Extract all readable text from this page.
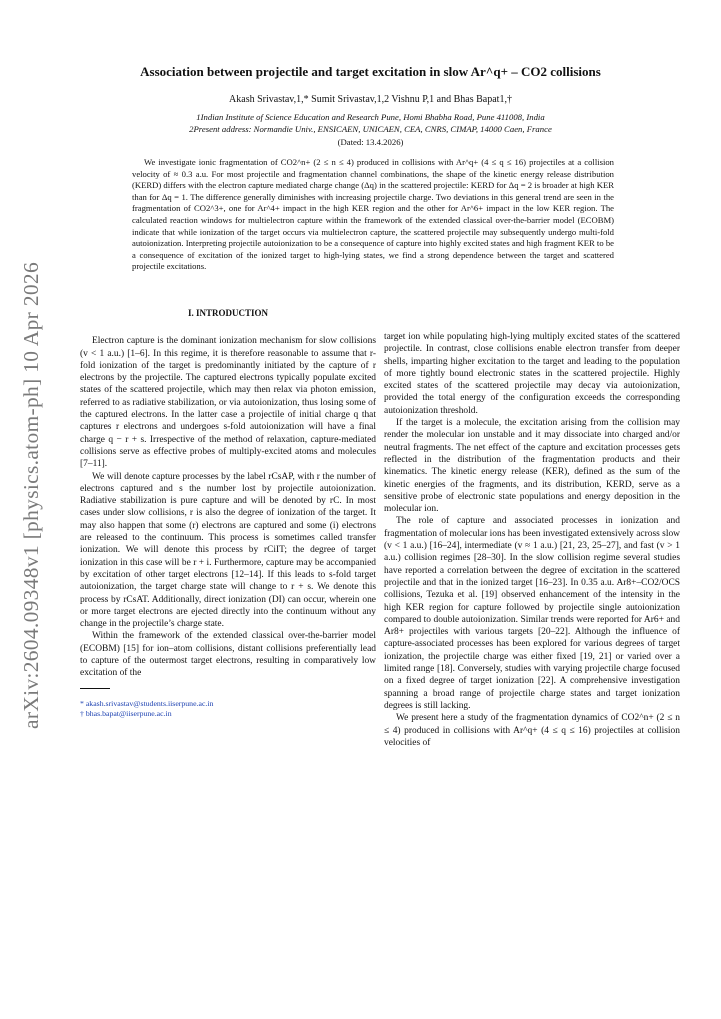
arXiv:2604.09348v1 [physics.atom-ph] 10 Apr 2026
Association between projectile and target excitation in slow Ar^q+ – CO2 collisions
Akash Srivastav,1,* Sumit Srivastav,1,2 Vishnu P,1 and Bhas Bapat1,†
1Indian Institute of Science Education and Research Pune, Homi Bhabha Road, Pune 411008, India
2Present address: Normandie Univ., ENSICAEN, UNICAEN, CEA, CNRS, CIMAP, 14000 Caen, France
(Dated: 13.4.2026)
We investigate ionic fragmentation of CO2^n+ (2 ≤ n ≤ 4) produced in collisions with Ar^q+ (4 ≤ q ≤ 16) projectiles at a collision velocity of ≈ 0.3 a.u. For most projectile and fragmentation channel combinations, the shape of the kinetic energy release distribution (KERD) differs with the electron capture mediated charge change (Δq) in the scattered projectile: KERD for Δq = 2 is broader at high KER than for Δq = 1. The difference generally diminishes with increasing projectile charge. Two deviations in this general trend are seen in the fragmentation of CO2^3+, one for Ar^4+ impact in the high KER region and the other for Ar^6+ impact in the low KER region. The calculated reaction windows for multielectron capture within the framework of the extended classical over-the-barrier model (ECOBM) indicate that while ionization of the target occurs via multielectron capture, the scattered projectile may subsequently undergo multi-fold autoionization. Interpreting projectile autoionization to be a consequence of capture into highly excited states and high fragment KER to be a consequence of excitation of the ionized target to high-lying states, we find a strong dependence between the target and scattered projectile excitations.

I. INTRODUCTION

Electron capture is the dominant ionization mechanism for slow collisions (v < 1 a.u.) [1–6]. In this regime, it is therefore reasonable to assume that r-fold ionization of the target is predominantly initiated by the capture of r electrons by the projectile. The captured electrons typically populate excited states of the scattered projectile, which may then relax via photon emission, referred to as radiative stabilization, or via autoionization, thus losing some of the captured electrons. In the latter case a projectile of initial charge q that captures r electrons and undergoes s-fold autoionization will have a final charge q − r + s. Irrespective of the method of relaxation, capture-mediated collisions serve as effective probes of multiply-excited atoms and molecules [7–11].

We will denote capture processes by the label rCsAP, with r the number of electrons captured and s the number lost by projectile autoionization. Radiative stabilization is pure capture and will be denoted by rC. In most cases under slow collisions, r is also the degree of ionization of the target. It may also happen that some (r) electrons are captured and some (i) electrons are released to the continuum. This process is sometimes called transfer ionization. We will denote this process by rCiIT; the degree of target ionization in this case will be r + i. Furthermore, capture may be accompanied by excitation of other target electrons [12–14]. If this leads to s-fold target autoionization, the target charge state will change to r + s. We denote this process by rCsAT. Additionally, direct ionization (DI) can occur, wherein one or more target electrons are ejected directly into the continuum without any change in the projectile’s charge state.

Within the framework of the extended classical over-the-barrier model (ECOBM) [15] for ion–atom collisions, distant collisions preferentially lead to capture of the outermost target electrons, resulting in comparatively low excitation of the

* akash.srivastav@students.iiserpune.ac.in

† bhas.bapat@iiserpune.ac.in

target ion while populating high-lying multiply excited states of the scattered projectile. In contrast, close collisions enable electron transfer from deeper shells, imparting higher excitation to the target and leading to the population of more tightly bound electronic states in the scattered projectile. Highly excited states of the scattered projectile may decay via autoionization, provided the total energy of the configuration exceeds the corresponding autoionization threshold.

If the target is a molecule, the excitation arising from the collision may render the molecular ion unstable and it may dissociate into charged and/or neutral fragments. The net effect of the capture and excitation processes gets reflected in the distribution of the fragmentation products and their kinematics. The kinetic energy release (KER), defined as the sum of the kinetic energies of the fragments, and its distribution, KERD, serve as a sensitive probe of electronic state populations and energy deposition in the molecular ion.

The role of capture and associated processes in ionization and fragmentation of molecular ions has been investigated extensively across slow (v < 1 a.u.) [16–24], intermediate (v ≈ 1 a.u.) [21, 23, 25–27], and fast (v > 1 a.u.) collision regimes [28–30]. In the slow collision regime several studies have reported a correlation between the degree of excitation in the scattered projectile and that in the ionized target [16–23]. In 0.35 a.u. Ar8+–CO2/OCS collisions, Tezuka et al. [19] observed enhancement of the intensity in the high KER region for capture followed by projectile single autoionization compared to double autoionization. Similar trends were reported for Ar6+ and Ar8+ projectiles with various targets [20–22]. Although the influence of capture-associated processes has been explored for various degrees of target ionization, the projectile charge was either fixed [19, 21] or varied over a limited range [18]. Conversely, studies with varying projectile charge focused on a fixed degree of target ionization [22]. A comprehensive investigation spanning a broad range of projectile charge states and target ionization degrees is still lacking.

We present here a study of the fragmentation dynamics of CO2^n+ (2 ≤ n ≤ 4) produced in collisions with Ar^q+ (4 ≤ q ≤ 16) projectiles at collision velocities of
